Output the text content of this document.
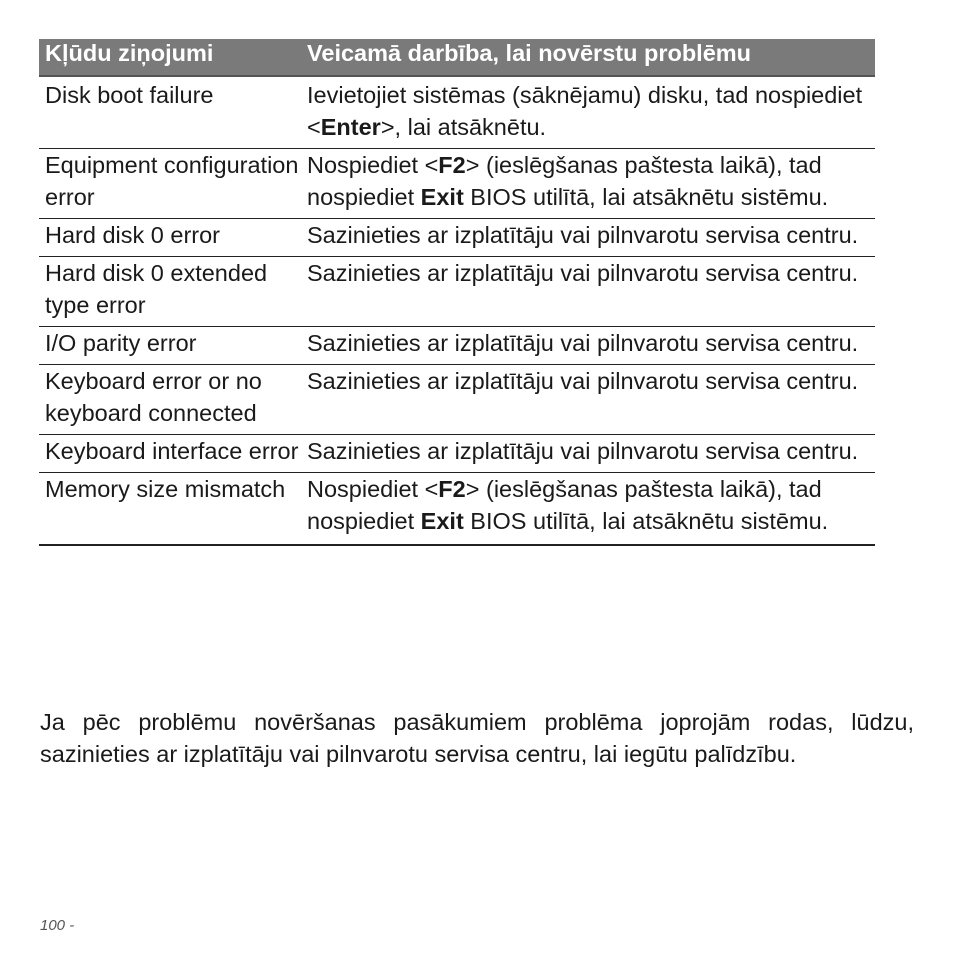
Kļūdu ziņojumi	Veicamā darbība, lai novērstu problēmu
Disk boot failure	Ievietojiet sistēmas (sāknējamu) disku, tad nospiediet <Enter>, lai atsāknētu.
Equipment configuration error	Nospiediet <F2> (ieslēgšanas paštesta laikā), tad nospiediet Exit BIOS utilītā, lai atsāknētu sistēmu.
Hard disk 0 error	Sazinieties ar izplatītāju vai pilnvarotu servisa centru.
Hard disk 0 extended type error	Sazinieties ar izplatītāju vai pilnvarotu servisa centru.
I/O parity error	Sazinieties ar izplatītāju vai pilnvarotu servisa centru.
Keyboard error or no keyboard connected	Sazinieties ar izplatītāju vai pilnvarotu servisa centru.
Keyboard interface error	Sazinieties ar izplatītāju vai pilnvarotu servisa centru.
Memory size mismatch	Nospiediet <F2> (ieslēgšanas paštesta laikā), tad nospiediet Exit BIOS utilītā, lai atsāknētu sistēmu.

Ja pēc problēmu novēršanas pasākumiem problēma joprojām rodas, lūdzu, sazinieties ar izplatītāju vai pilnvarotu servisa centru, lai iegūtu palīdzību.

100 -
